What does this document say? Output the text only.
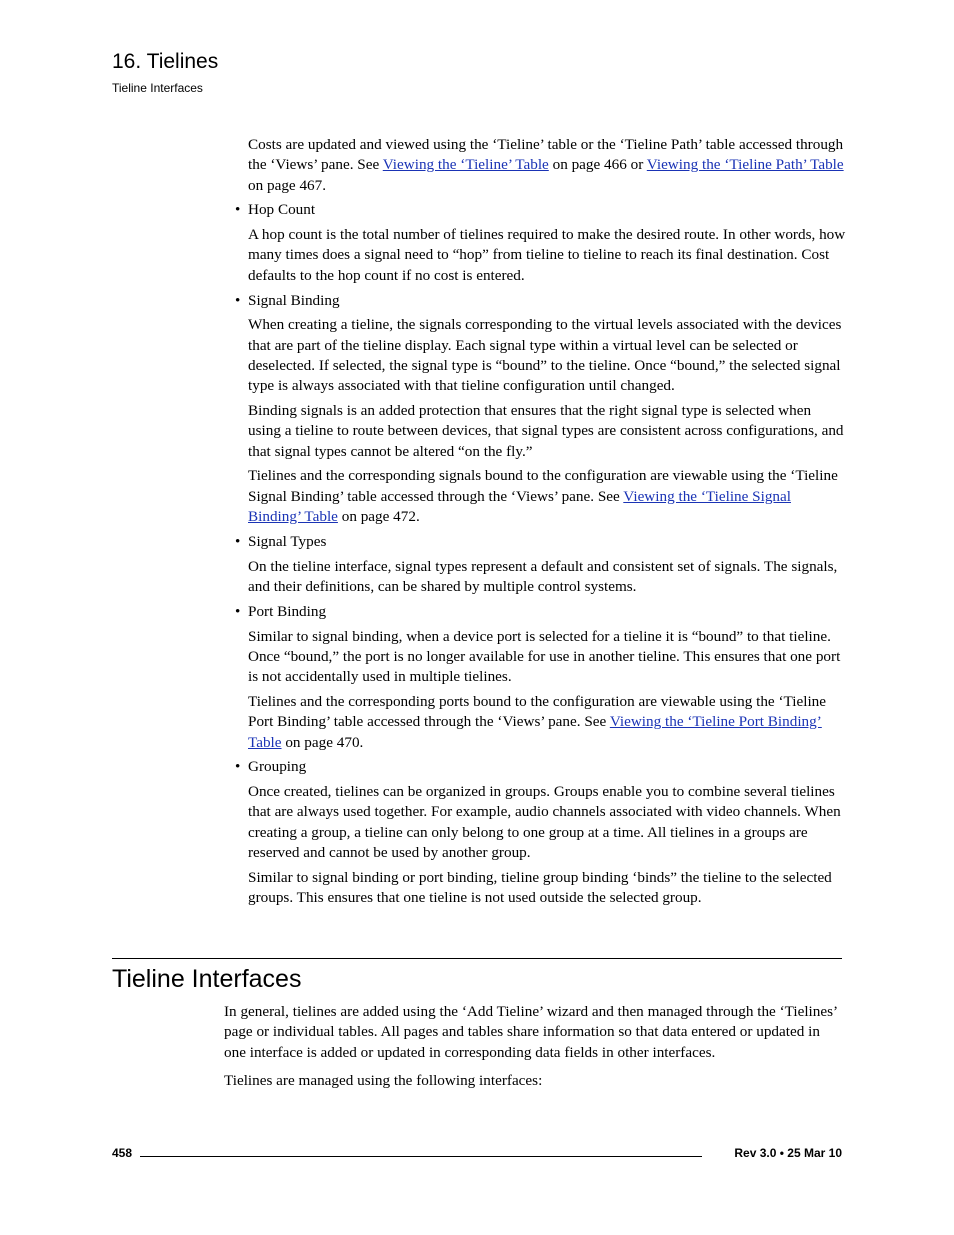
16. Tielines
Tieline Interfaces

Costs are updated and viewed using the ‘Tieline’ table or the ‘Tieline Path’ table accessed through the ‘Views’ pane. See Viewing the ‘Tieline’ Table on page 466 or Viewing the ‘Tieline Path’ Table on page 467.

• Hop Count

A hop count is the total number of tielines required to make the desired route. In other words, how many times does a signal need to “hop” from tieline to tieline to reach its final destination. Cost defaults to the hop count if no cost is entered.

• Signal Binding

When creating a tieline, the signals corresponding to the virtual levels associated with the devices that are part of the tieline display. Each signal type within a virtual level can be selected or deselected. If selected, the signal type is “bound” to the tieline. Once “bound,” the selected signal type is always associated with that tieline configuration until changed.

Binding signals is an added protection that ensures that the right signal type is selected when using a tieline to route between devices, that signal types are consistent across configurations, and that signal types cannot be altered “on the fly.”

Tielines and the corresponding signals bound to the configuration are viewable using the ‘Tieline Signal Binding’ table accessed through the ‘Views’ pane. See Viewing the ‘Tieline Signal Binding’ Table on page 472.

• Signal Types

On the tieline interface, signal types represent a default and consistent set of signals. The signals, and their definitions, can be shared by multiple control systems.

• Port Binding

Similar to signal binding, when a device port is selected for a tieline it is “bound” to that tieline. Once “bound,” the port is no longer available for use in another tieline. This ensures that one port is not accidentally used in multiple tielines.

Tielines and the corresponding ports bound to the configuration are viewable using the ‘Tieline Port Binding’ table accessed through the ‘Views’ pane. See Viewing the ‘Tieline Port Binding’ Table on page 470.

• Grouping

Once created, tielines can be organized in groups. Groups enable you to combine several tielines that are always used together. For example, audio channels associated with video channels. When creating a group, a tieline can only belong to one group at a time. All tielines in a groups are reserved and cannot be used by another group.

Similar to signal binding or port binding, tieline group binding ‘binds” the tieline to the selected groups. This ensures that one tieline is not used outside the selected group.

Tieline Interfaces

In general, tielines are added using the ‘Add Tieline’ wizard and then managed through the ‘Tielines’ page or individual tables. All pages and tables share information so that data entered or updated in one interface is added or updated in corresponding data fields in other interfaces.

Tielines are managed using the following interfaces:

458	Rev 3.0 • 25 Mar 10
